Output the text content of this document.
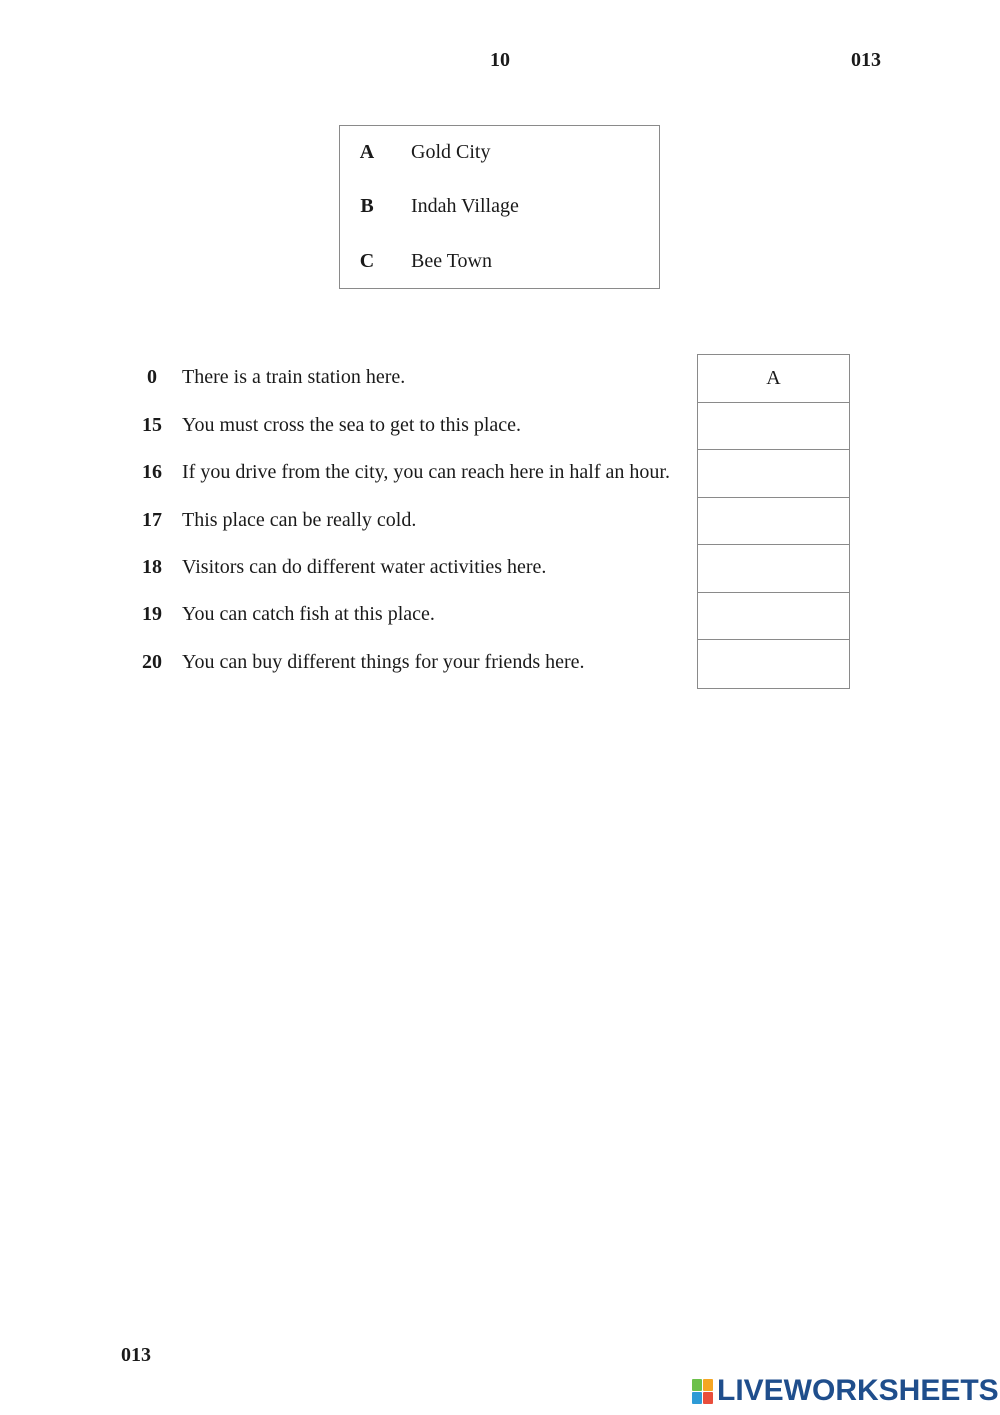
10	013
A Gold City
B Indah Village
C Bee Town
0	There is a train station here.
15	You must cross the sea to get to this place.
16	If you drive from the city, you can reach here in half an hour.
17	This place can be really cold.
18	Visitors can do different water activities here.
19	You can catch fish at this place.
20	You can buy different things for your friends here.
A
013
LIVEWORKSHEETS
